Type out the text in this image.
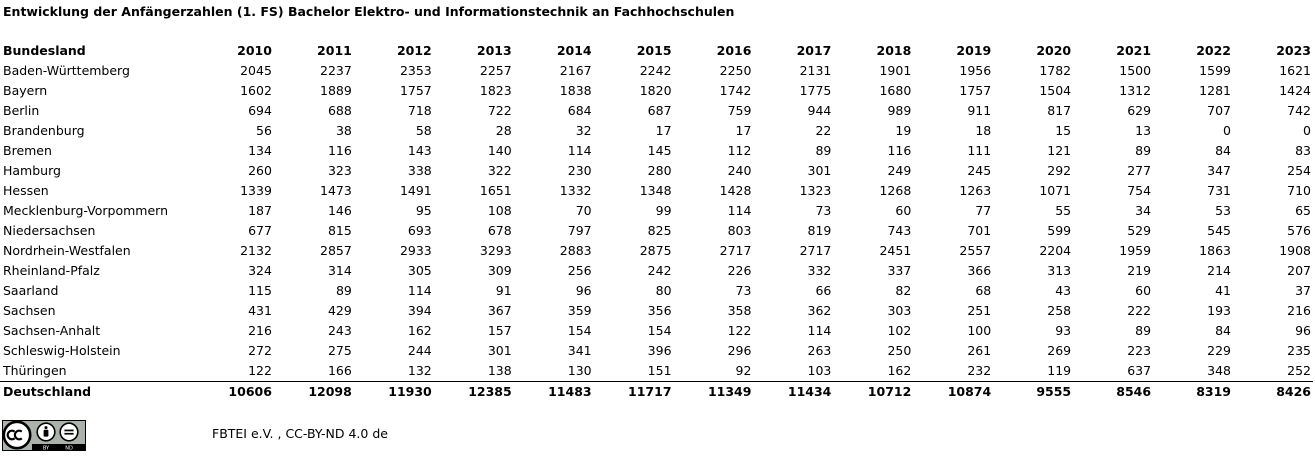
Entwicklung der Anfängerzahlen (1. FS) Bachelor Elektro- und Informationstechnik an Fachhochschulen
Bundesland	2010	2011	2012	2013	2014	2015	2016	2017	2018	2019	2020	2021	2022	2023
Baden-Württemberg	2045	2237	2353	2257	2167	2242	2250	2131	1901	1956	1782	1500	1599	1621
Bayern	1602	1889	1757	1823	1838	1820	1742	1775	1680	1757	1504	1312	1281	1424
Berlin	694	688	718	722	684	687	759	944	989	911	817	629	707	742
Brandenburg	56	38	58	28	32	17	17	22	19	18	15	13	0	0
Bremen	134	116	143	140	114	145	112	89	116	111	121	89	84	83
Hamburg	260	323	338	322	230	280	240	301	249	245	292	277	347	254
Hessen	1339	1473	1491	1651	1332	1348	1428	1323	1268	1263	1071	754	731	710
Mecklenburg-Vorpommern	187	146	95	108	70	99	114	73	60	77	55	34	53	65
Niedersachsen	677	815	693	678	797	825	803	819	743	701	599	529	545	576
Nordrhein-Westfalen	2132	2857	2933	3293	2883	2875	2717	2717	2451	2557	2204	1959	1863	1908
Rheinland-Pfalz	324	314	305	309	256	242	226	332	337	366	313	219	214	207
Saarland	115	89	114	91	96	80	73	66	82	68	43	60	41	37
Sachsen	431	429	394	367	359	356	358	362	303	251	258	222	193	216
Sachsen-Anhalt	216	243	162	157	154	154	122	114	102	100	93	89	84	96
Schleswig-Holstein	272	275	244	301	341	396	296	263	250	261	269	223	229	235
Thüringen	122	166	132	138	130	151	92	103	162	232	119	637	348	252
Deutschland	10606	12098	11930	12385	11483	11717	11349	11434	10712	10874	9555	8546	8319	8426
BY	ND
FBTEI e.V. , CC-BY-ND 4.0 de
